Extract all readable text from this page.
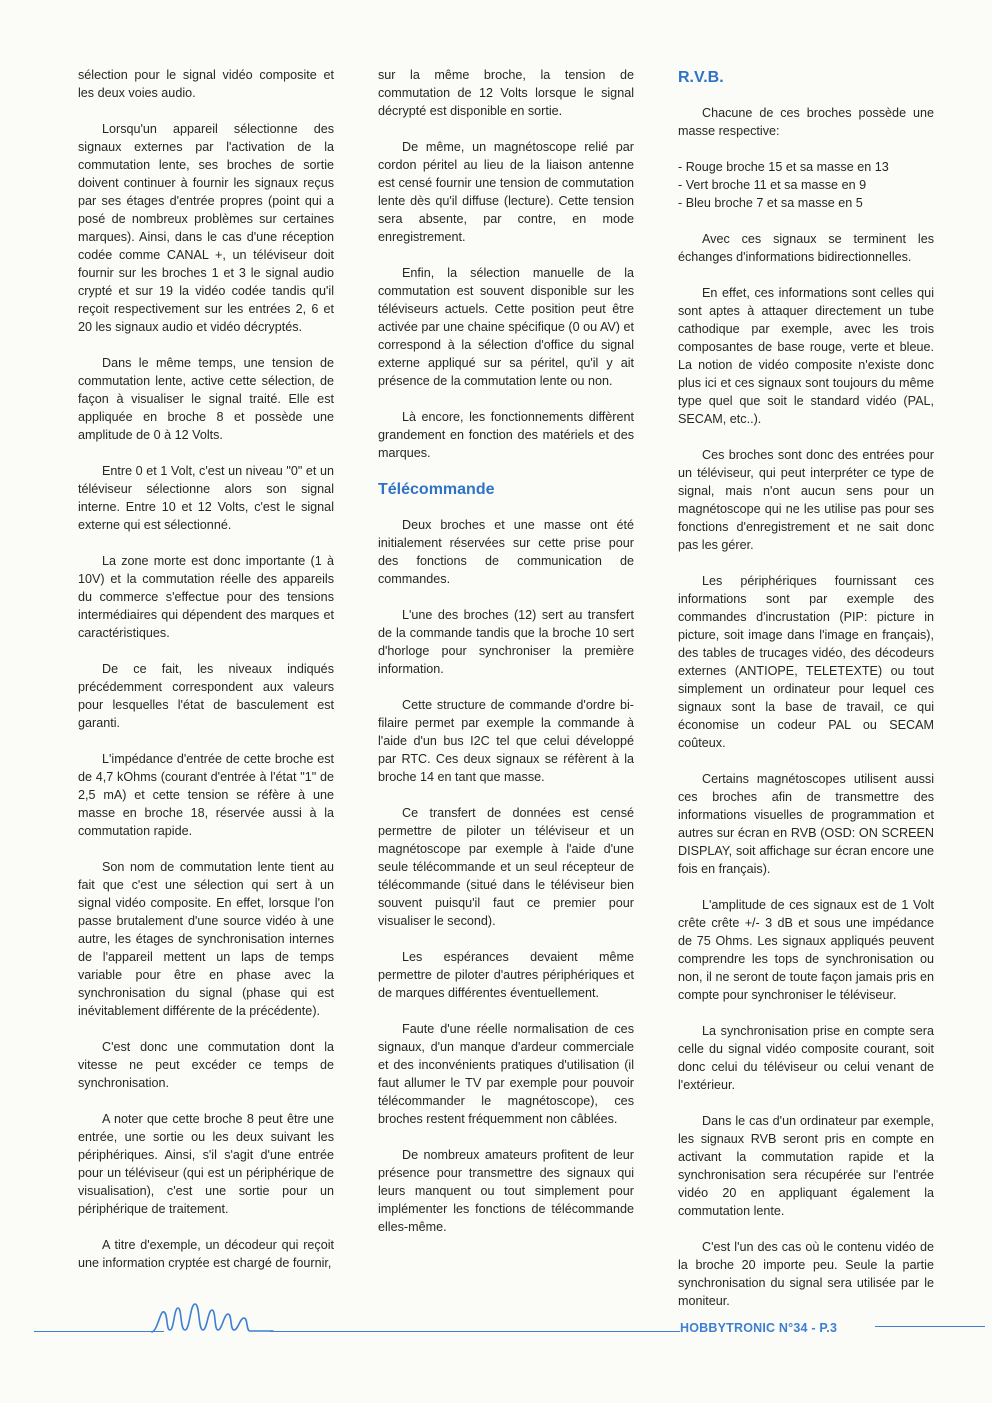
sélection pour le signal vidéo composite et les deux voies audio.

Lorsqu'un appareil sélectionne des signaux externes par l'activation de la commutation lente, ses broches de sortie doivent continuer à fournir les signaux reçus par ses étages d'entrée propres (point qui a posé de nombreux problèmes sur certaines marques). Ainsi, dans le cas d'une réception codée comme CANAL +, un téléviseur doit fournir sur les broches 1 et 3 le signal audio crypté et sur 19 la vidéo codée tandis qu'il reçoit respectivement sur les entrées 2, 6 et 20 les signaux audio et vidéo décryptés.

Dans le même temps, une tension de commutation lente, active cette sélection, de façon à visualiser le signal traité. Elle est appliquée en broche 8 et possède une amplitude de 0 à 12 Volts.

Entre 0 et 1 Volt, c'est un niveau "0" et un téléviseur sélectionne alors son signal interne. Entre 10 et 12 Volts, c'est le signal externe qui est sélectionné.

La zone morte est donc importante (1 à 10V) et la commutation réelle des appareils du commerce s'effectue pour des tensions intermédiaires qui dépendent des marques et caractéristiques.

De ce fait, les niveaux indiqués précédemment correspondent aux valeurs pour lesquelles l'état de basculement est garanti.

L'impédance d'entrée de cette broche est de 4,7 kOhms (courant d'entrée à l'état "1" de 2,5 mA) et cette tension se réfère à une masse en broche 18, réservée aussi à la commutation rapide.

Son nom de commutation lente tient au fait que c'est une sélection qui sert à un signal vidéo composite. En effet, lorsque l'on passe brutalement d'une source vidéo à une autre, les étages de synchronisation internes de l'appareil mettent un laps de temps variable pour être en phase avec la synchronisation du signal (phase qui est inévitablement différente de la précédente).

C'est donc une commutation dont la vitesse ne peut excéder ce temps de synchronisation.

A noter que cette broche 8 peut être une entrée, une sortie ou les deux suivant les périphériques. Ainsi, s'il s'agit d'une entrée pour un téléviseur (qui est un périphérique de visualisation), c'est une sortie pour un périphérique de traitement.

A titre d'exemple, un décodeur qui reçoit une information cryptée est chargé de fournir,

sur la même broche, la tension de commutation de 12 Volts lorsque le signal décrypté est disponible en sortie.

De même, un magnétoscope relié par cordon péritel au lieu de la liaison antenne est censé fournir une tension de commutation lente dès qu'il diffuse (lecture). Cette tension sera absente, par contre, en mode enregistrement.

Enfin, la sélection manuelle de la commutation est souvent disponible sur les téléviseurs actuels. Cette position peut être activée par une chaine spécifique (0 ou AV) et correspond à la sélection d'office du signal externe appliqué sur sa péritel, qu'il y ait présence de la commutation lente ou non.

Là encore, les fonctionnements diffèrent grandement en fonction des matériels et des marques.

Télécommande

Deux broches et une masse ont été initialement réservées sur cette prise pour des fonctions de communication de commandes.

L'une des broches (12) sert au transfert de la commande tandis que la broche 10 sert d'horloge pour synchroniser la première information.

Cette structure de commande d'ordre bi-filaire permet par exemple la commande à l'aide d'un bus I2C tel que celui développé par RTC. Ces deux signaux se réfèrent à la broche 14 en tant que masse.

Ce transfert de données est censé permettre de piloter un téléviseur et un magnétoscope par exemple à l'aide d'une seule télécommande et un seul récepteur de télécommande (situé dans le téléviseur bien souvent puisqu'il faut ce premier pour visualiser le second).

Les espérances devaient même permettre de piloter d'autres périphériques et de marques différentes éventuellement.

Faute d'une réelle normalisation de ces signaux, d'un manque d'ardeur commerciale et des inconvénients pratiques d'utilisation (il faut allumer le TV par exemple pour pouvoir télécommander le magnétoscope), ces broches restent fréquemment non câblées.

De nombreux amateurs profitent de leur présence pour transmettre des signaux qui leurs manquent ou tout simplement pour implémenter les fonctions de télécommande elles-même.

R.V.B.

Chacune de ces broches possède une masse respective:

- Rouge broche 15 et sa masse en 13
- Vert broche 11 et sa masse en 9
- Bleu broche 7 et sa masse en 5

Avec ces signaux se terminent les échanges d'informations bidirectionnelles.

En effet, ces informations sont celles qui sont aptes à attaquer directement un tube cathodique par exemple, avec les trois composantes de base rouge, verte et bleue. La notion de vidéo composite n'existe donc plus ici et ces signaux sont toujours du même type quel que soit le standard vidéo (PAL, SECAM, etc..).

Ces broches sont donc des entrées pour un téléviseur, qui peut interpréter ce type de signal, mais n'ont aucun sens pour un magnétoscope qui ne les utilise pas pour ses fonctions d'enregistrement et ne sait donc pas les gérer.

Les périphériques fournissant ces informations sont par exemple des commandes d'incrustation (PIP: picture in picture, soit image dans l'image en français), des tables de trucages vidéo, des décodeurs externes (ANTIOPE, TELETEXTE) ou tout simplement un ordinateur pour lequel ces signaux sont la base de travail, ce qui économise un codeur PAL ou SECAM coûteux.

Certains magnétoscopes utilisent aussi ces broches afin de transmettre des informations visuelles de programmation et autres sur écran en RVB (OSD: ON SCREEN DISPLAY, soit affichage sur écran encore une fois en français).

L'amplitude de ces signaux est de 1 Volt crête crête +/- 3 dB et sous une impédance de 75 Ohms. Les signaux appliqués peuvent comprendre les tops de synchronisation ou non, il ne seront de toute façon jamais pris en compte pour synchroniser le téléviseur.

La synchronisation prise en compte sera celle du signal vidéo composite courant, soit donc celui du téléviseur ou celui venant de l'extérieur.

Dans le cas d'un ordinateur par exemple, les signaux RVB seront pris en compte en activant la commutation rapide et la synchronisation sera récupérée sur l'entrée vidéo 20 en appliquant également la commutation lente.

C'est l'un des cas où le contenu vidéo de la broche 20 importe peu. Seule la partie synchronisation du signal sera utilisée par le moniteur.

HOBBYTRONIC N°34 - P.3
